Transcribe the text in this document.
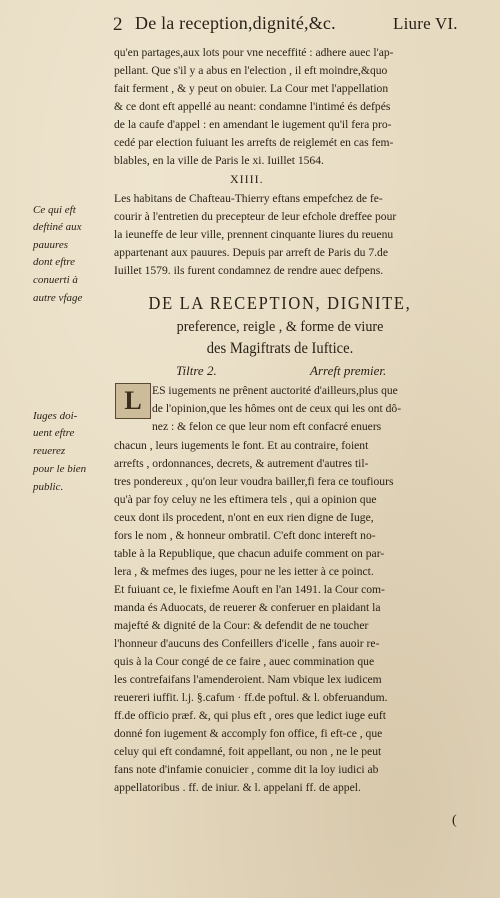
2 De la reception,dignité,&c.	Liure VI.
qu'en partages,aux lots pour vne neceffité : adhere auec l'ap-
pellant. Que s'il y a abus en l'election , il eft moindre,&quo
fait ferment , & y peut on obuier. La Cour met l'appellation
& ce dont eft appellé au neant: condamne l'intimé és defpés
de la caufe d'appel : en amendant le iugement qu'il fera pro-
cedé par election fuiuant les arrefts de reiglemét en cas fem-
blables, en la ville de Paris le xi. Iuillet 1564.
XIIII.
Les habitans de Chafteau-Thierry eftans empefchez de fe-
courir à l'entretien du precepteur de leur efchole dreffee pour
la ieuneffe de leur ville, prennent cinquante liures du reuenu
appartenant aux pauures. Depuis par arreft de Paris du 7.de
Iuillet 1579. ils furent condamnez de rendre auec defpens.
Ce qui eft
deftiné aux
pauures
dont eftre
conuerti à
autre vfage	DE LA RECEPTION, DIGNITE,
preference, reigle , & forme de viure
des Magiftrats de Iuftice.
Tiltre 2.	Arreft premier.
L ES iugements ne prênent auctorité d'ailleurs,plus que
de l'opinion,que les hômes ont de ceux qui les ont dô-
nez : & felon ce que leur nom eft confacré enuers
chacun , leurs iugements le font. Et au contraire, foient
arrefts , ordonnances, decrets, & autrement d'autres til-
tres pondereux , qu'on leur voudra bailler,fi fera ce toufiours
qu'à par foy celuy ne les eftimera tels , qui a opinion que
ceux dont ils procedent, n'ont en eux rien digne de Iuge,
fors le nom , & honneur ombratil. C'eft donc intereft no-
table à la Republique, que chacun aduife comment on par-
lera , & mefmes des iuges, pour ne les ietter à ce poinct.
Et fuiuant ce, le fixiefme Aouft en l'an 1491. la Cour com-
manda és Aduocats, de reuerer & conferuer en plaidant la
majefté & dignité de la Cour: & defendit de ne toucher
l'honneur d'aucuns des Confeillers d'icelle , fans auoir re-
quis à la Cour congé de ce faire , auec commination que
les contrefaifans l'amenderoient. Nam vbique lex iudicem
reuereri iuffit. l.j. §.cafum · ff.de poftul. & l. obferuandum.
ff.de officio præf. &, qui plus eft , ores que ledict iuge euft
donné fon iugement & accomply fon office, fi eft-ce , que
celuy qui eft condamné, foit appellant, ou non , ne le peut
fans note d'infamie conuicier , comme dit la loy iudici ab
appellatoribus . ff. de iniur. & l. appelani ff. de appel.
Iuges doi-
uent eftre
reuerez
pour le bien
public.
(
